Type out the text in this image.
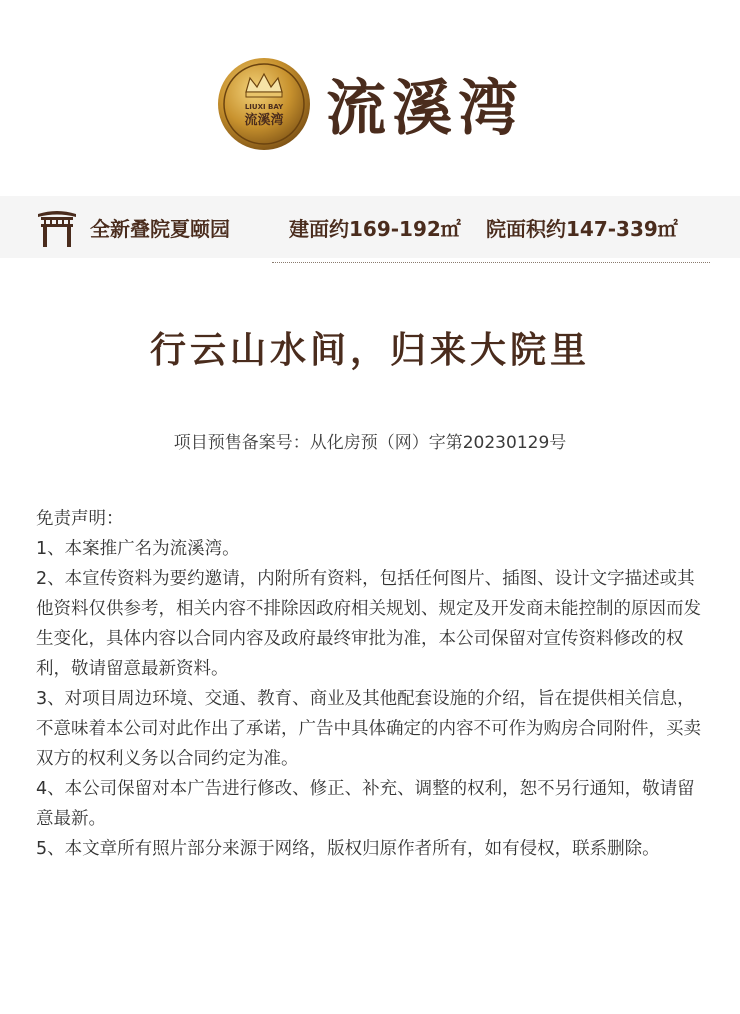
LIUXI BAY
流溪湾 流溪湾
全新叠院夏颐园	建面约169-192㎡ 院面积约147-339㎡
行云山水间，归来大院里
项目预售备案号：从化房预（网）字第20230129号

免责声明：

1、本案推广名为流溪湾。

2、本宣传资料为要约邀请，内附所有资料，包括任何图片、插图、设计文字描述或其他资料仅供参考，相关内容不排除因政府相关规划、规定及开发商未能控制的原因而发生变化，具体内容以合同内容及政府最终审批为准，本公司保留对宣传资料修改的权利，敬请留意最新资料。

3、对项目周边环境、交通、教育、商业及其他配套设施的介绍，旨在提供相关信息，不意味着本公司对此作出了承诺，广告中具体确定的内容不可作为购房合同附件，买卖双方的权利义务以合同约定为准。

4、本公司保留对本广告进行修改、修正、补充、调整的权利，恕不另行通知，敬请留意最新。

5、本文章所有照片部分来源于网络，版权归原作者所有，如有侵权，联系删除。
